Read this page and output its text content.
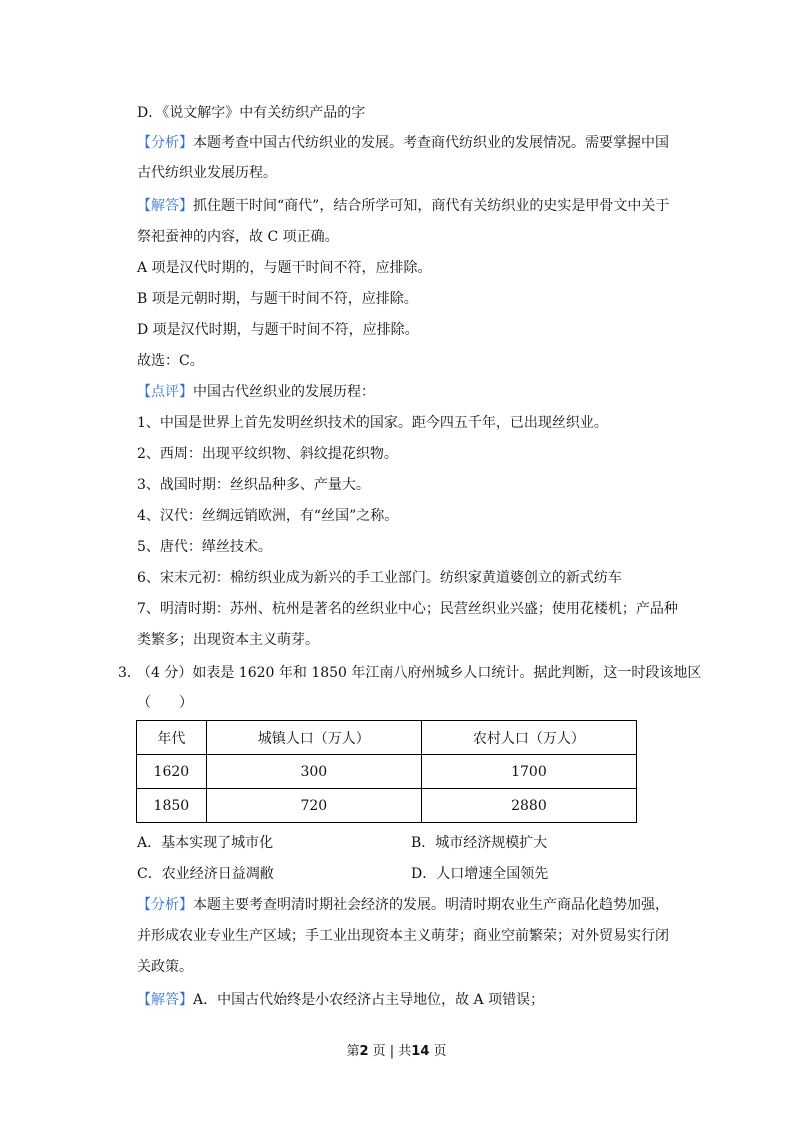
D．《说文解字》中有关纺织产品的字
【分析】本题考查中国古代纺织业的发展。考查商代纺织业的发展情况。需要掌握中国
古代纺织业发展历程。
【解答】抓住题干时间“商代”，结合所学可知，商代有关纺织业的史实是甲骨文中关于
祭祀蚕神的内容，故 C 项正确。
A 项是汉代时期的，与题干时间不符，应排除。
B 项是元朝时期，与题干时间不符，应排除。
D 项是汉代时期，与题干时间不符，应排除。
故选：C。
【点评】中国古代丝织业的发展历程：
1、中国是世界上首先发明丝织技术的国家。距今四五千年，已出现丝织业。
2、西周：出现平纹织物、斜纹提花织物。
3、战国时期：丝织品种多、产量大。
4、汉代：丝绸远销欧洲，有“丝国”之称。
5、唐代：缂丝技术。
6、宋末元初：棉纺织业成为新兴的手工业部门。纺织家黄道婆创立的新式纺车
7、明清时期：苏州、杭州是著名的丝织业中心；民营丝织业兴盛；使用花楼机；产品种
类繁多；出现资本主义萌芽。
3．
（4 分）如表是 1620 年和 1850 年江南八府州城乡人口统计。据此判断，这一时段该地区
（　　）
年代	城镇人口（万人）	农村人口（万人）
1620	300	1700
1850	720	2880
A．基本实现了城市化	B．城市经济规模扩大
C．农业经济日益凋敝	D．人口增速全国领先
【分析】本题主要考查明清时期社会经济的发展。明清时期农业生产商品化趋势加强，
并形成农业专业生产区域；手工业出现资本主义萌芽；商业空前繁荣；对外贸易实行闭
关政策。
【解答】A．中国古代始终是小农经济占主导地位，故 A 项错误；
第2 页 | 共14 页
